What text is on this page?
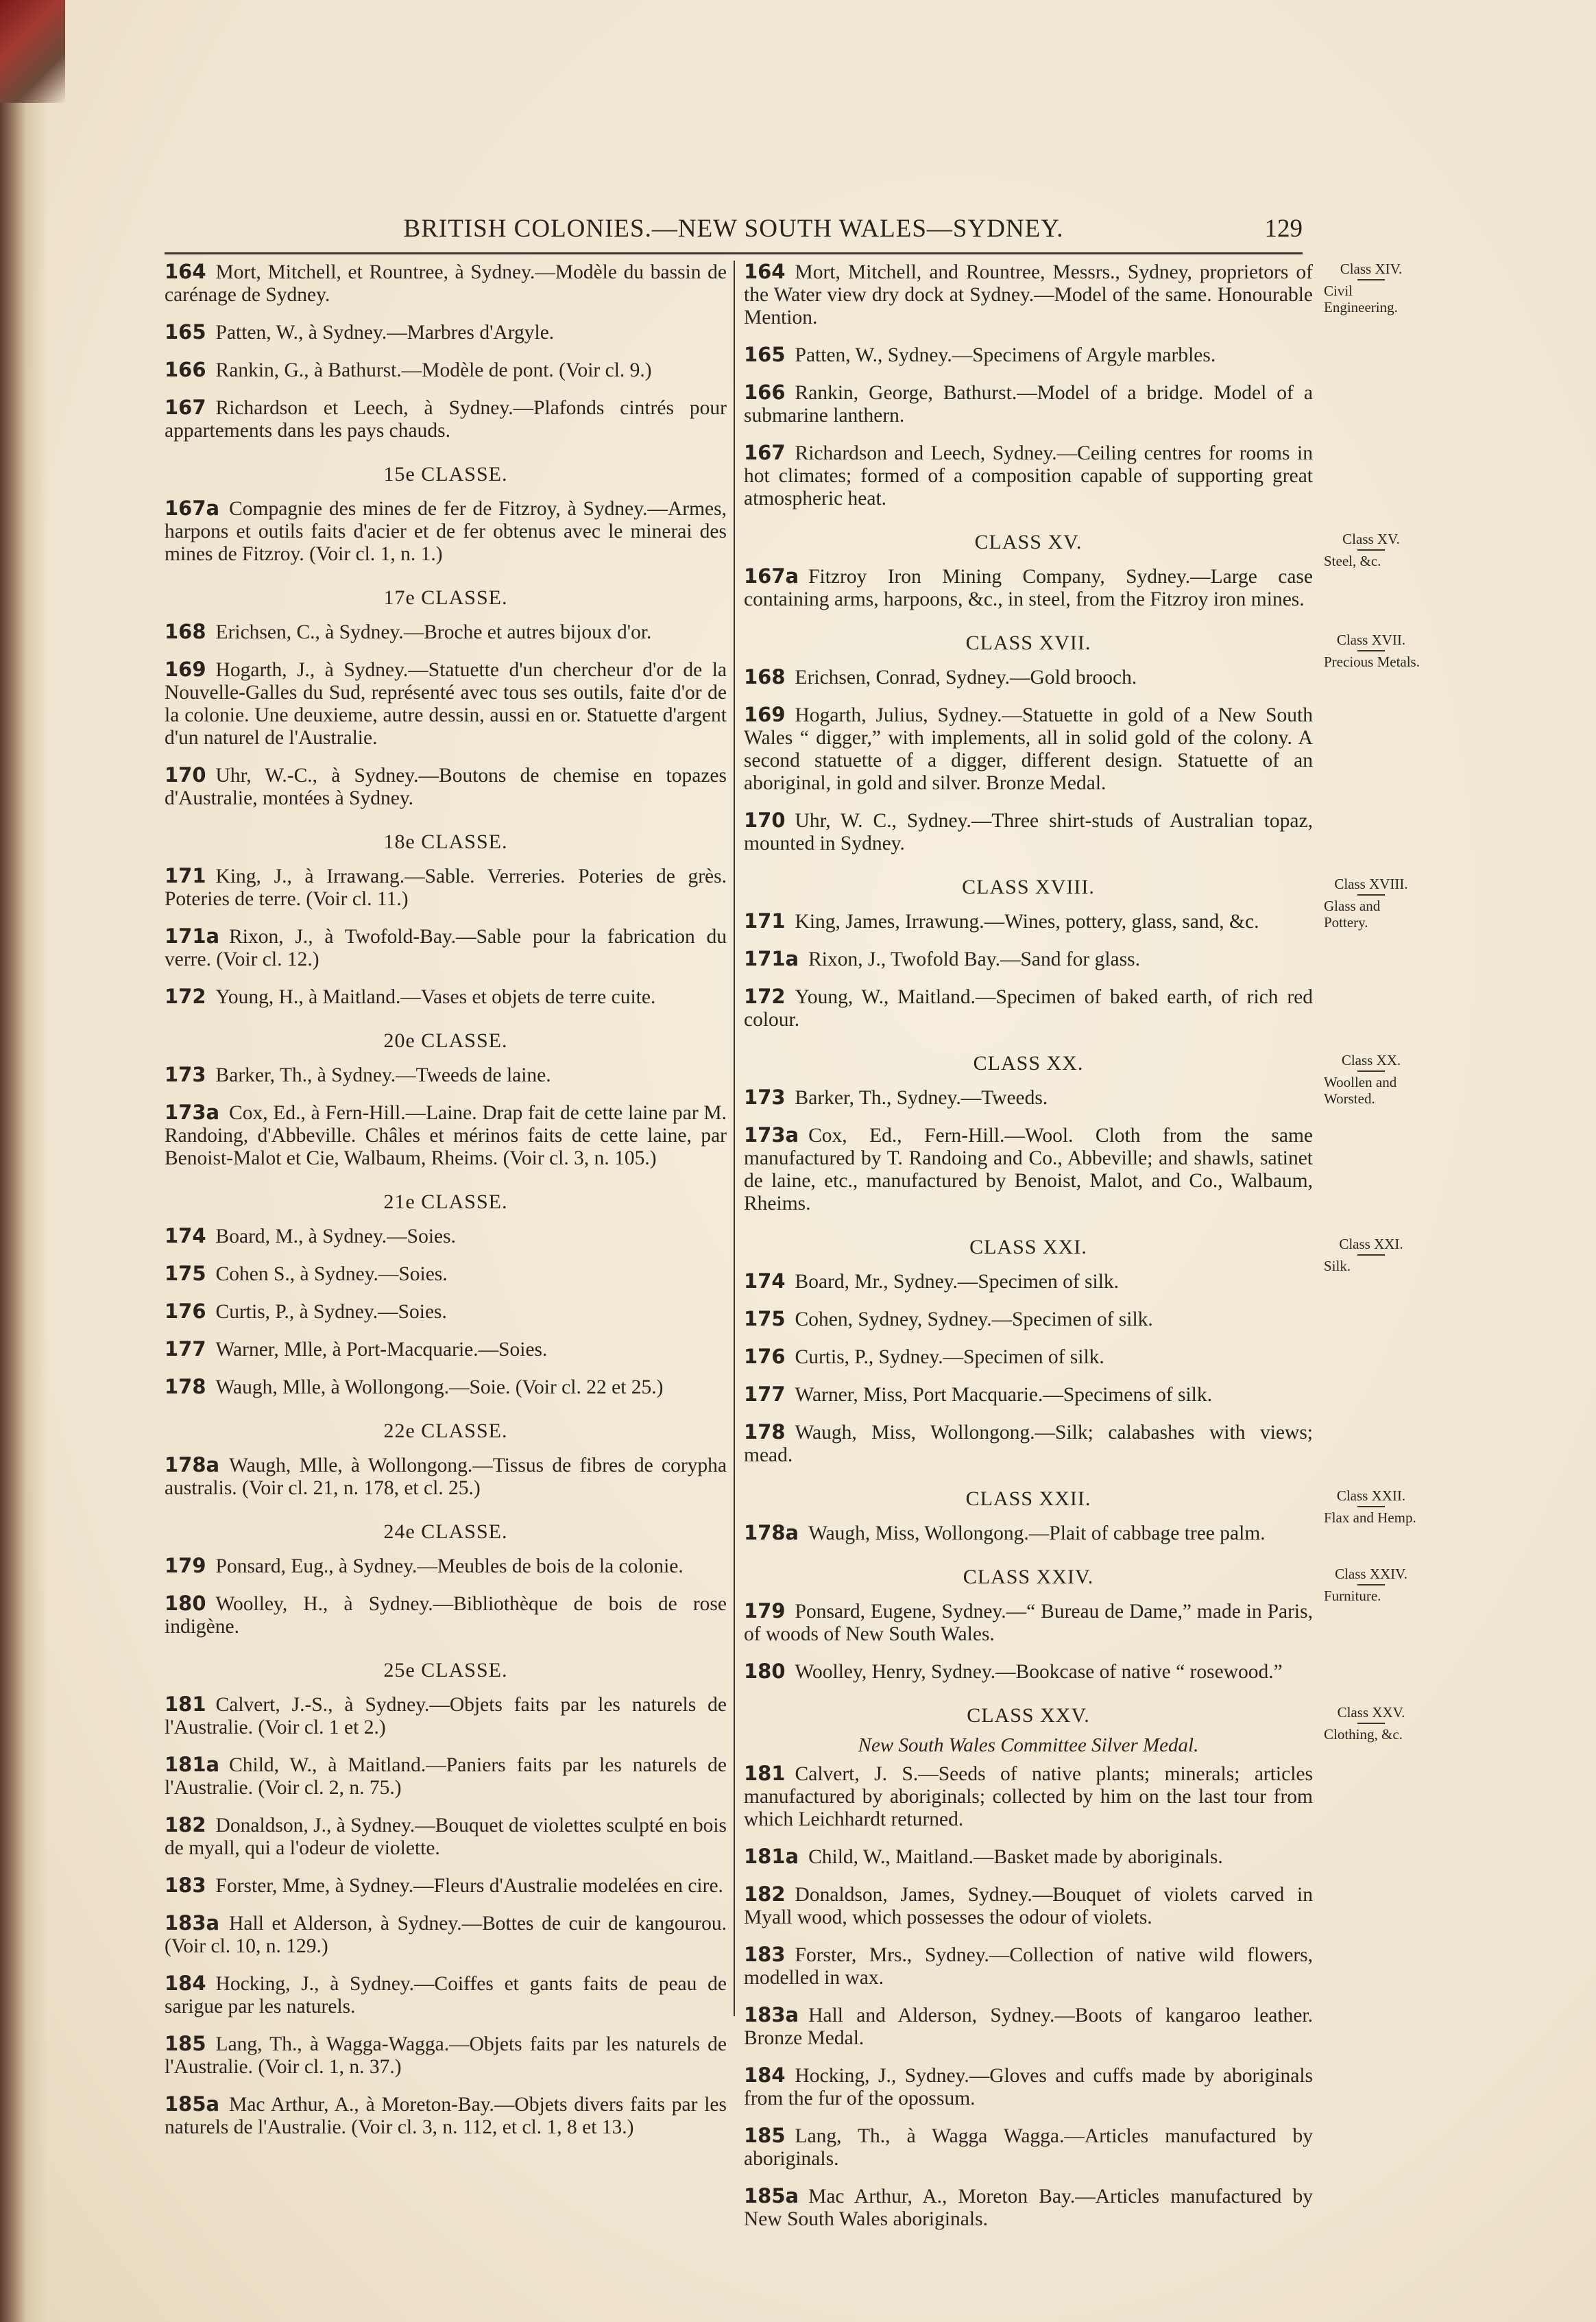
BRITISH COLONIES.—NEW SOUTH WALES—SYDNEY.	129
164 Mort, Mitchell, et Rountree, à Sydney.—Modèle du bassin de carénage de Sydney.
165 Patten, W., à Sydney.—Marbres d'Argyle.
166 Rankin, G., à Bathurst.—Modèle de pont. (Voir cl. 9.)
167 Richardson et Leech, à Sydney.—Plafonds cintrés pour appartements dans les pays chauds.
15e CLASSE.
167a Compagnie des mines de fer de Fitzroy, à Sydney.—Armes, harpons et outils faits d'acier et de fer obtenus avec le minerai des mines de Fitzroy. (Voir cl. 1, n. 1.)
17e CLASSE.
168 Erichsen, C., à Sydney.—Broche et autres bijoux d'or.
169 Hogarth, J., à Sydney.—Statuette d'un chercheur d'or de la Nouvelle-Galles du Sud, représenté avec tous ses outils, faite d'or de la colonie. Une deuxieme, autre dessin, aussi en or. Statuette d'argent d'un naturel de l'Australie.
170 Uhr, W.-C., à Sydney.—Boutons de chemise en topazes d'Australie, montées à Sydney.
18e CLASSE.
171 King, J., à Irrawang.—Sable. Verreries. Poteries de grès. Poteries de terre. (Voir cl. 11.)
171a Rixon, J., à Twofold-Bay.—Sable pour la fabrication du verre. (Voir cl. 12.)
172 Young, H., à Maitland.—Vases et objets de terre cuite.
20e CLASSE.
173 Barker, Th., à Sydney.—Tweeds de laine.
173a Cox, Ed., à Fern-Hill.—Laine. Drap fait de cette laine par M. Randoing, d'Abbeville. Châles et mérinos faits de cette laine, par Benoist-Malot et Cie, Walbaum, Rheims. (Voir cl. 3, n. 105.)
21e CLASSE.
174 Board, M., à Sydney.—Soies.
175 Cohen S., à Sydney.—Soies.
176 Curtis, P., à Sydney.—Soies.
177 Warner, Mlle, à Port-Macquarie.—Soies.
178 Waugh, Mlle, à Wollongong.—Soie. (Voir cl. 22 et 25.)
22e CLASSE.
178a Waugh, Mlle, à Wollongong.—Tissus de fibres de corypha australis. (Voir cl. 21, n. 178, et cl. 25.)
24e CLASSE.
179 Ponsard, Eug., à Sydney.—Meubles de bois de la colonie.
180 Woolley, H., à Sydney.—Bibliothèque de bois de rose indigène.
25e CLASSE.
181 Calvert, J.-S., à Sydney.—Objets faits par les naturels de l'Australie. (Voir cl. 1 et 2.)
181a Child, W., à Maitland.—Paniers faits par les naturels de l'Australie. (Voir cl. 2, n. 75.)
182 Donaldson, J., à Sydney.—Bouquet de violettes sculpté en bois de myall, qui a l'odeur de violette.
183 Forster, Mme, à Sydney.—Fleurs d'Australie modelées en cire.
183a Hall et Alderson, à Sydney.—Bottes de cuir de kangourou. (Voir cl. 10, n. 129.)
184 Hocking, J., à Sydney.—Coiffes et gants faits de peau de sarigue par les naturels.
185 Lang, Th., à Wagga-Wagga.—Objets faits par les naturels de l'Australie. (Voir cl. 1, n. 37.)
185a Mac Arthur, A., à Moreton-Bay.—Objets divers faits par les naturels de l'Australie. (Voir cl. 3, n. 112, et cl. 1, 8 et 13.)
164 Mort, Mitchell, and Rountree, Messrs., Sydney, proprietors of the Water view dry dock at Sydney.—Model of the same. Honourable Mention.
165 Patten, W., Sydney.—Specimens of Argyle marbles.
166 Rankin, George, Bathurst.—Model of a bridge. Model of a submarine lanthern.
167 Richardson and Leech, Sydney.—Ceiling centres for rooms in hot climates; formed of a composition capable of supporting great atmospheric heat.
CLASS XV.
167a Fitzroy Iron Mining Company, Sydney.—Large case containing arms, harpoons, &c., in steel, from the Fitzroy iron mines.
CLASS XVII.
168 Erichsen, Conrad, Sydney.—Gold brooch.
169 Hogarth, Julius, Sydney.—Statuette in gold of a New South Wales “ digger,” with implements, all in solid gold of the colony. A second statuette of a digger, different design. Statuette of an aboriginal, in gold and silver. Bronze Medal.
170 Uhr, W. C., Sydney.—Three shirt-studs of Australian topaz, mounted in Sydney.
CLASS XVIII.
171 King, James, Irrawung.—Wines, pottery, glass, sand, &c.
171a Rixon, J., Twofold Bay.—Sand for glass.
172 Young, W., Maitland.—Specimen of baked earth, of rich red colour.
CLASS XX.
173 Barker, Th., Sydney.—Tweeds.
173a Cox, Ed., Fern-Hill.—Wool. Cloth from the same manufactured by T. Randoing and Co., Abbeville; and shawls, satinet de laine, etc., manufactured by Benoist, Malot, and Co., Walbaum, Rheims.
CLASS XXI.
174 Board, Mr., Sydney.—Specimen of silk.
175 Cohen, Sydney, Sydney.—Specimen of silk.
176 Curtis, P., Sydney.—Specimen of silk.
177 Warner, Miss, Port Macquarie.—Specimens of silk.
178 Waugh, Miss, Wollongong.—Silk; calabashes with views; mead.
CLASS XXII.
178a Waugh, Miss, Wollongong.—Plait of cabbage tree palm.
CLASS XXIV.
179 Ponsard, Eugene, Sydney.—“ Bureau de Dame,” made in Paris, of woods of New South Wales.
180 Woolley, Henry, Sydney.—Bookcase of native “ rosewood.”
CLASS XXV.
New South Wales Committee Silver Medal.
181 Calvert, J. S.—Seeds of native plants; minerals; articles manufactured by aboriginals; collected by him on the last tour from which Leichhardt returned.
181a Child, W., Maitland.—Basket made by aboriginals.
182 Donaldson, James, Sydney.—Bouquet of violets carved in Myall wood, which possesses the odour of violets.
183 Forster, Mrs., Sydney.—Collection of native wild flowers, modelled in wax.
183a Hall and Alderson, Sydney.—Boots of kangaroo leather. Bronze Medal.
184 Hocking, J., Sydney.—Gloves and cuffs made by aboriginals from the fur of the opossum.
185 Lang, Th., à Wagga Wagga.—Articles manufactured by aboriginals.
185a Mac Arthur, A., Moreton Bay.—Articles manufactured by New South Wales aboriginals.
Class XIV.
Civil Engineering.
Class XV.
Steel, &c.
Class XVII.
Precious Metals.
Class XVIII.
Glass and Pottery.
Class XX.
Woollen and Worsted.
Class XXI.
Silk.
Class XXII.
Flax and Hemp.
Class XXIV.
Furniture.
Class XXV.
Clothing, &c.
